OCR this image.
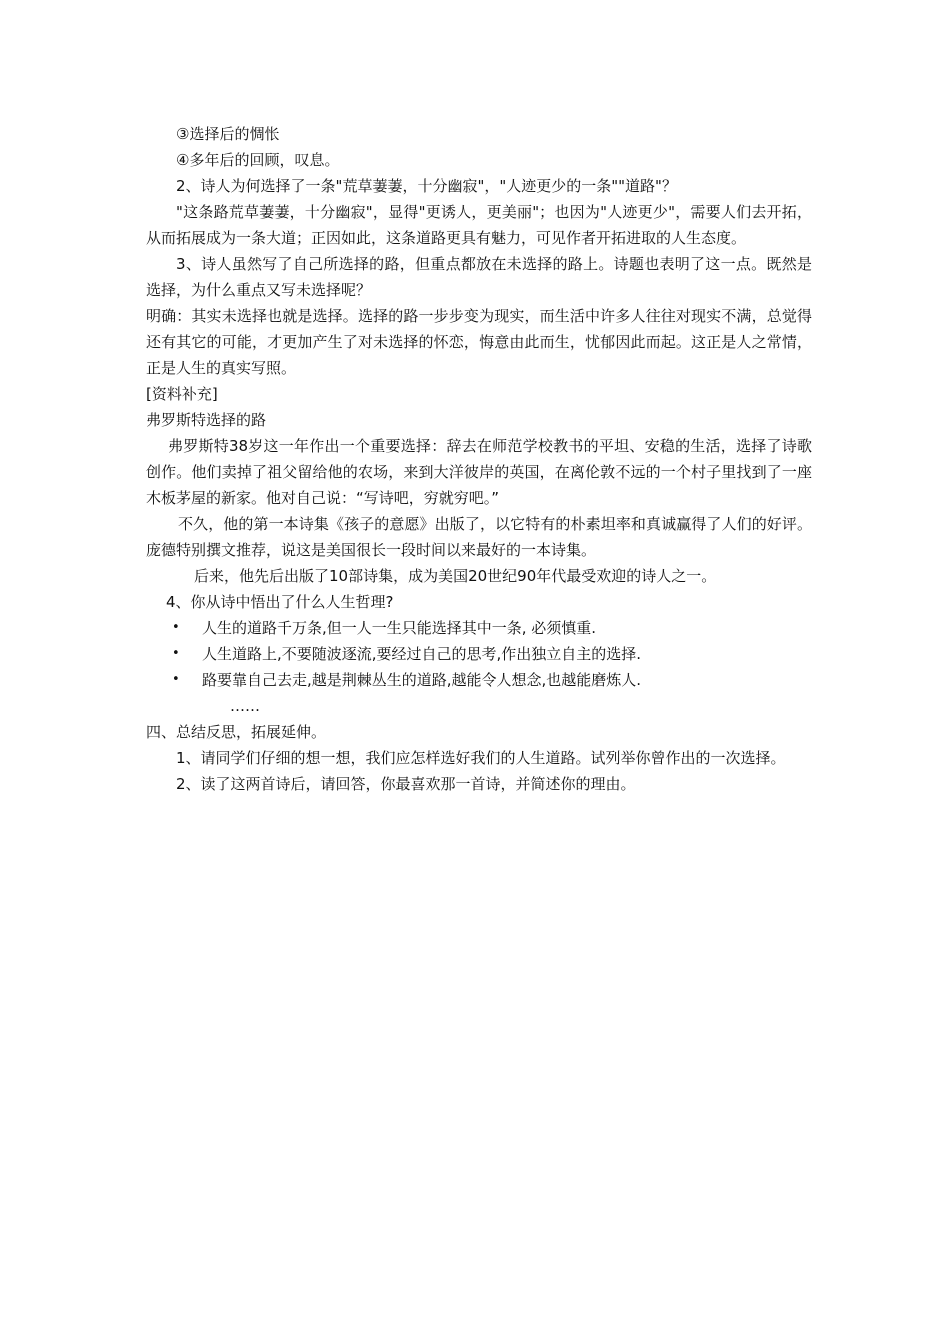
③选择后的惆怅

④多年后的回顾，叹息。

2、诗人为何选择了一条"荒草萋萋，十分幽寂"，"人迹更少的一条""道路"？

"这条路荒草萋萋，十分幽寂"，显得"更诱人，更美丽"；也因为"人迹更少"，需要人们去开拓，从而拓展成为一条大道；正因如此，这条道路更具有魅力，可见作者开拓进取的人生态度。

3、诗人虽然写了自己所选择的路，但重点都放在未选择的路上。诗题也表明了这一点。既然是选择，为什么重点又写未选择呢？

明确：其实未选择也就是选择。选择的路一步步变为现实，而生活中许多人往往对现实不满，总觉得还有其它的可能，才更加产生了对未选择的怀恋，悔意由此而生，忧郁因此而起。这正是人之常情，正是人生的真实写照。

[资料补充]

弗罗斯特选择的路

弗罗斯特38岁这一年作出一个重要选择：辞去在师范学校教书的平坦、安稳的生活，选择了诗歌创作。他们卖掉了祖父留给他的农场，来到大洋彼岸的英国，在离伦敦不远的一个村子里找到了一座木板茅屋的新家。他对自己说：“写诗吧，穷就穷吧。”

不久，他的第一本诗集《孩子的意愿》出版了，以它特有的朴素坦率和真诚赢得了人们的好评。庞德特别撰文推荐，说这是美国很长一段时间以来最好的一本诗集。

后来，他先后出版了10部诗集，成为美国20世纪90年代最受欢迎的诗人之一。

4、你从诗中悟出了什么人生哲理?

• 人生的道路千万条,但一人一生只能选择其中一条, 必须慎重.

• 人生道路上,不要随波逐流,要经过自己的思考,作出独立自主的选择.

• 路要靠自己去走,越是荆棘丛生的道路,越能令人想念,也越能磨炼人.

……

四、总结反思，拓展延伸。

1、请同学们仔细的想一想，我们应怎样选好我们的人生道路。试列举你曾作出的一次选择。

2、读了这两首诗后，请回答，你最喜欢那一首诗，并简述你的理由。
